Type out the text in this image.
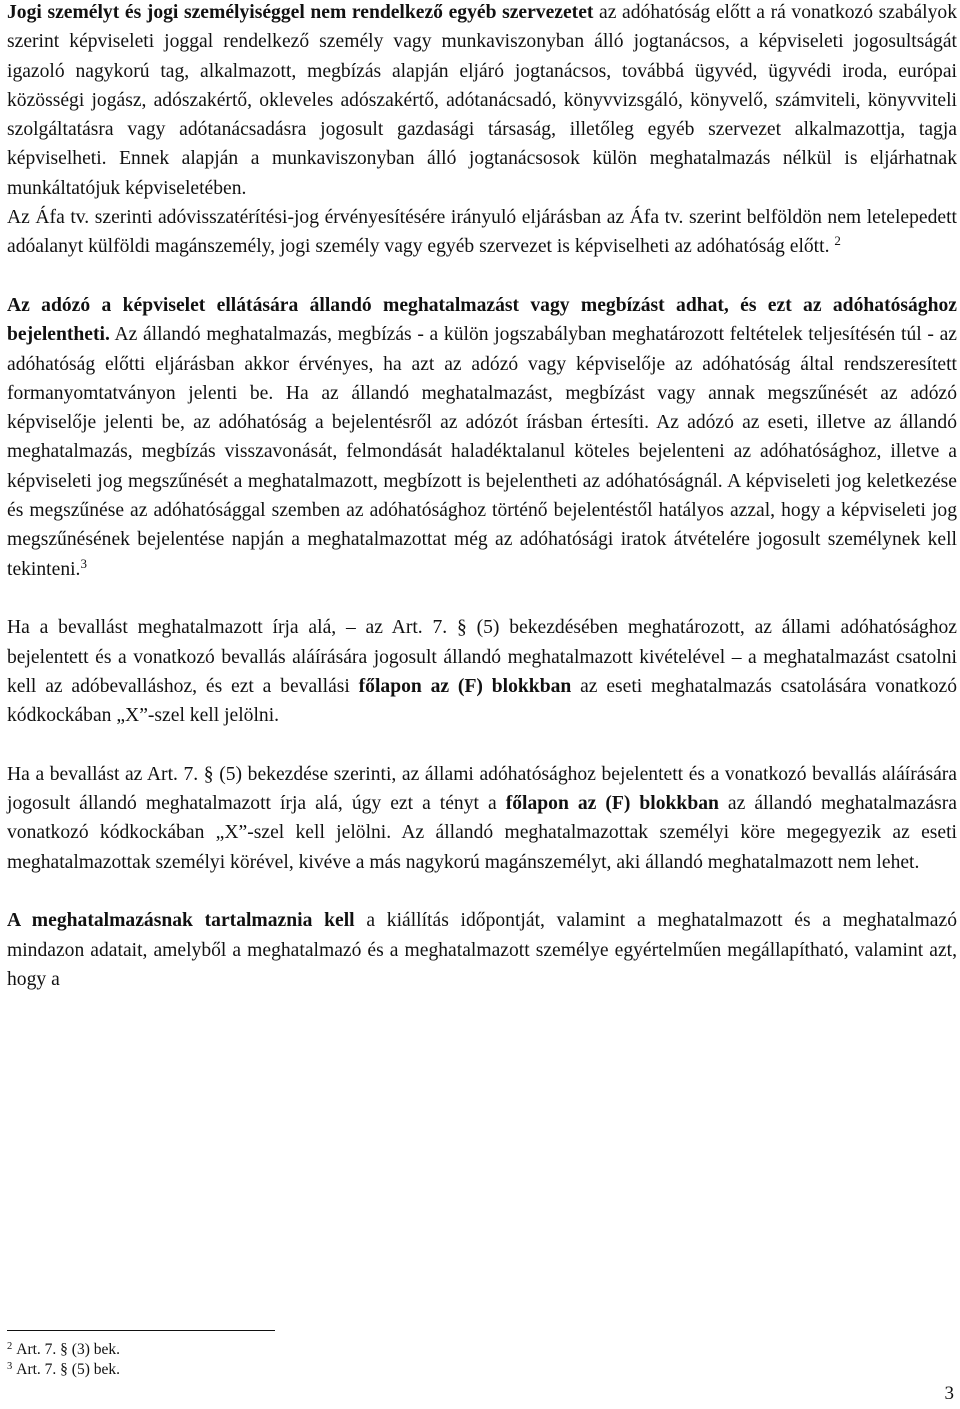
Jogi személyt és jogi személyiséggel nem rendelkező egyéb szervezetet az adóhatóság előtt a rá vonatkozó szabályok szerint képviseleti joggal rendelkező személy vagy munkaviszonyban álló jogtanácsos, a képviseleti jogosultságát igazoló nagykorú tag, alkalmazott, megbízás alapján eljáró jogtanácsos, továbbá ügyvéd, ügyvédi iroda, európai közösségi jogász, adószakértő, okleveles adószakértő, adótanácsadó, könyvvizsgáló, könyvelő, számviteli, könyvviteli szolgáltatásra vagy adótanácsadásra jogosult gazdasági társaság, illetőleg egyéb szervezet alkalmazottja, tagja képviselheti. Ennek alapján a munkaviszonyban álló jogtanácsosok külön meghatalmazás nélkül is eljárhatnak munkáltatójuk képviseletében.

Az Áfa tv. szerinti adóvisszatérítési-jog érvényesítésére irányuló eljárásban az Áfa tv. szerint belföldön nem letelepedett adóalanyt külföldi magánszemély, jogi személy vagy egyéb szervezet is képviselheti az adóhatóság előtt. $^2$

Az adózó a képviselet ellátására állandó meghatalmazást vagy megbízást adhat, és ezt az adóhatósághoz bejelentheti. Az állandó meghatalmazás, megbízás - a külön jogszabályban meghatározott feltételek teljesítésén túl - az adóhatóság előtti eljárásban akkor érvényes, ha azt az adózó vagy képviselője az adóhatóság által rendszeresített formanyomtatványon jelenti be. Ha az állandó meghatalmazást, megbízást vagy annak megszűnését az adózó képviselője jelenti be, az adóhatóság a bejelentésről az adózót írásban értesíti. Az adózó az eseti, illetve az állandó meghatalmazás, megbízás visszavonását, felmondását haladéktalanul köteles bejelenteni az adóhatósághoz, illetve a képviseleti jog megszűnését a meghatalmazott, megbízott is bejelentheti az adóhatóságnál. A képviseleti jog keletkezése és megszűnése az adóhatósággal szemben az adóhatósághoz történő bejelentéstől hatályos azzal, hogy a képviseleti jog megszűnésének bejelentése napján a meghatalmazottat még az adóhatósági iratok átvételére jogosult személynek kell tekinteni.$^3$

Ha a bevallást meghatalmazott írja alá, – az Art. 7. § (5) bekezdésében meghatározott, az állami adóhatósághoz bejelentett és a vonatkozó bevallás aláírására jogosult állandó meghatalmazott kivételével – a meghatalmazást csatolni kell az adóbevalláshoz, és ezt a bevallási főlapon az (F) blokkban az eseti meghatalmazás csatolására vonatkozó kódkockában „X”-szel kell jelölni.

Ha a bevallást az Art. 7. § (5) bekezdése szerinti, az állami adóhatósághoz bejelentett és a vonatkozó bevallás aláírására jogosult állandó meghatalmazott írja alá, úgy ezt a tényt a főlapon az (F) blokkban az állandó meghatalmazásra vonatkozó kódkockában „X”-szel kell jelölni. Az állandó meghatalmazottak személyi köre megegyezik az eseti meghatalmazottak személyi körével, kivéve a más nagykorú magánszemélyt, aki állandó meghatalmazott nem lehet.

A meghatalmazásnak tartalmaznia kell a kiállítás időpontját, valamint a meghatalmazott és a meghatalmazó mindazon adatait, amelyből a meghatalmazó és a meghatalmazott személye egyértelműen megállapítható, valamint azt, hogy a

$^2$ Art. 7. § (3) bek.
$^3$ Art. 7. § (5) bek.
3
